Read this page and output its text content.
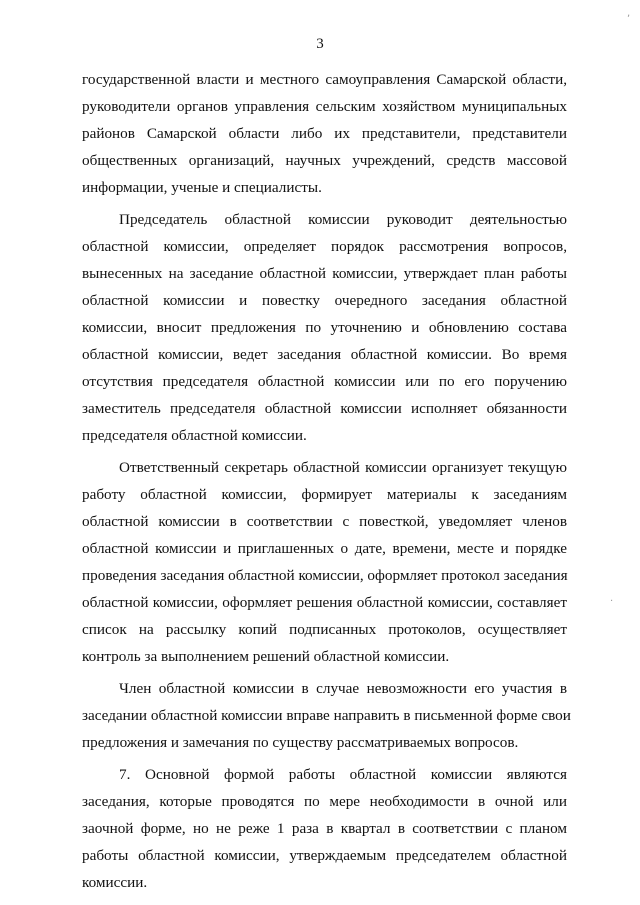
3
,
·
государственной власти и местного самоуправления Самарской области,
руководители органов управления сельским хозяйством муниципальных
районов Самарской области либо их представители, представители
общественных организаций, научных учреждений, средств массовой
информации, ученые и специалисты.
Председатель областной комиссии руководит деятельностью
областной комиссии, определяет порядок рассмотрения вопросов,
вынесенных на заседание областной комиссии, утверждает план работы
областной комиссии и повестку очередного заседания областной
комиссии, вносит предложения по уточнению и обновлению состава
областной комиссии, ведет заседания областной комиссии. Во время
отсутствия председателя областной комиссии или по его поручению
заместитель председателя областной комиссии исполняет обязанности
председателя областной комиссии.
Ответственный секретарь областной комиссии организует текущую
работу областной комиссии, формирует материалы к заседаниям
областной комиссии в соответствии с повесткой, уведомляет членов
областной комиссии и приглашенных о дате, времени, месте и порядке
проведения заседания областной комиссии, оформляет протокол заседания
областной комиссии, оформляет решения областной комиссии, составляет
список на рассылку копий подписанных протоколов, осуществляет
контроль за выполнением решений областной комиссии.
Член областной комиссии в случае невозможности его участия в
заседании областной комиссии вправе направить в письменной форме свои
предложения и замечания по существу рассматриваемых вопросов.
7. Основной формой работы областной комиссии являются
заседания, которые проводятся по мере необходимости в очной или
заочной форме, но не реже 1 раза в квартал в соответствии с планом
работы областной комиссии, утверждаемым председателем областной
комиссии.
